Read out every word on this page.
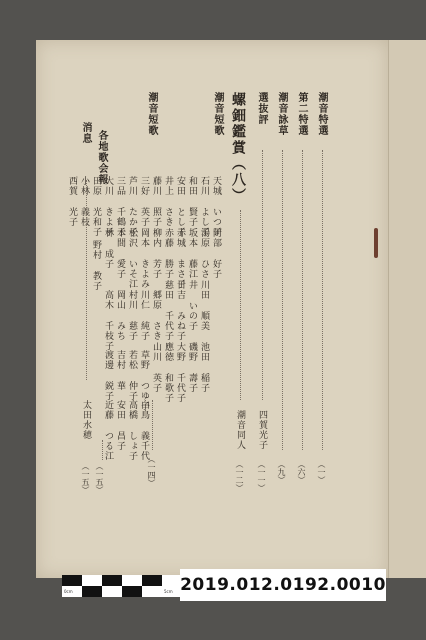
潮音特選
（一）
第二特選
（六）
潮音詠草
（九）
選抜評
四賀光子
（一一）
螺鈿鑑賞（八）
潮音同人
（一二）
潮音短歌
川田 順美
池田 稲子
井 いの子
磯野 壽子
日吉 みね子
大野 千代子
慈田 千代子
應徳 和歌子
山川 英子
石川 よし子
湯原 ひさ
和田 賢子
坂本 藤江
安田 とし子
赤城 まさ子
井上 さき
赤藤 勝子
藤川 照子
柳内 芳子
郷原 さき
天城 いつ子
阿部 好子
三好 英子
岡本 きよみ
芦川 たか子
松沢 いそ江
潮音短歌
（一四）
三品 千鶴子
本間 愛子
大川 きよ子
林 成子
岡山 みち
高木 千枝子
吉村 華
村川 慈子
若松 仲子
川仁 純子
草野 つゆ子
高橋 しょ子
安田 昌子
渡邊 鋭子
近藤 つる江	白鳥 義千代
田原 光和子
野村 教子
小林 義枝
西賀 光子
各地歌会報
（一五）
消息
太田水穂
（一五）
0cm	5cm 2019.012.0192.0010
